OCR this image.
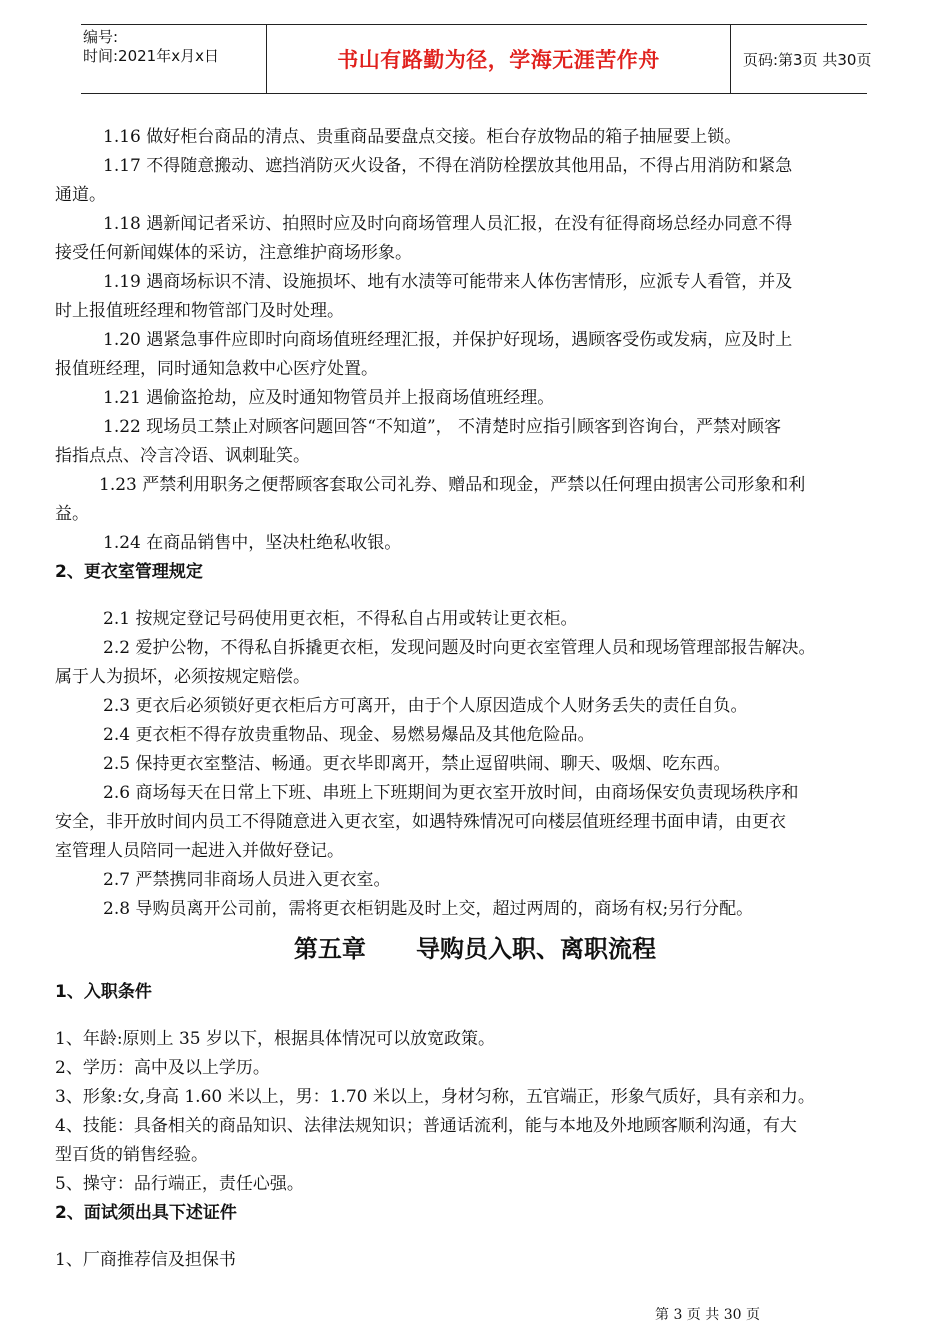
编号:
时间:2021年x月x日	书山有路勤为径，学海无涯苦作舟	页码:第3页 共30页
1.16 做好柜台商品的清点、贵重商品要盘点交接。柜台存放物品的箱子抽屉要上锁。
1.17 不得随意搬动、遮挡消防灭火设备，不得在消防栓摆放其他用品，不得占用消防和紧急
通道。
1.18 遇新闻记者采访、拍照时应及时向商场管理人员汇报，在没有征得商场总经办同意不得
接受任何新闻媒体的采访，注意维护商场形象。
1.19 遇商场标识不清、设施损坏、地有水渍等可能带来人体伤害情形，应派专人看管，并及
时上报值班经理和物管部门及时处理。
1.20 遇紧急事件应即时向商场值班经理汇报，并保护好现场，遇顾客受伤或发病，应及时上
报值班经理，同时通知急救中心医疗处置。
1.21 遇偷盗抢劫，应及时通知物管员并上报商场值班经理。
1.22 现场员工禁止对顾客问题回答“不知道”， 不清楚时应指引顾客到咨询台，严禁对顾客
指指点点、冷言冷语、讽刺耻笑。
1.23 严禁利用职务之便帮顾客套取公司礼券、赠品和现金，严禁以任何理由损害公司形象和利
益。
1.24 在商品销售中，坚决杜绝私收银。
2、更衣室管理规定
2.1 按规定登记号码使用更衣柜，不得私自占用或转让更衣柜。
2.2 爱护公物，不得私自拆撬更衣柜，发现问题及时向更衣室管理人员和现场管理部报告解决。
属于人为损坏，必须按规定赔偿。
2.3 更衣后必须锁好更衣柜后方可离开，由于个人原因造成个人财务丢失的责任自负。
2.4 更衣柜不得存放贵重物品、现金、易燃易爆品及其他危险品。
2.5 保持更衣室整洁、畅通。更衣毕即离开，禁止逗留哄闹、聊天、吸烟、吃东西。
2.6 商场每天在日常上下班、串班上下班期间为更衣室开放时间，由商场保安负责现场秩序和
安全，非开放时间内员工不得随意进入更衣室，如遇特殊情况可向楼层值班经理书面申请，由更衣
室管理人员陪同一起进入并做好登记。
2.7 严禁携同非商场人员进入更衣室。
2.8 导购员离开公司前，需将更衣柜钥匙及时上交，超过两周的，商场有权;另行分配。
第五章      导购员入职、离职流程
1、入职条件
1、年龄:原则上 35 岁以下，根据具体情况可以放宽政策。
2、学历：高中及以上学历。
3、形象:女,身高 1.60 米以上，男：1.70 米以上，身材匀称，五官端正，形象气质好，具有亲和力。
4、技能：具备相关的商品知识、法律法规知识；普通话流利，能与本地及外地顾客顺利沟通，有大
型百货的销售经验。
5、操守：品行端正，责任心强。
2、面试须出具下述证件
1、厂商推荐信及担保书
第 3 页 共 30 页
